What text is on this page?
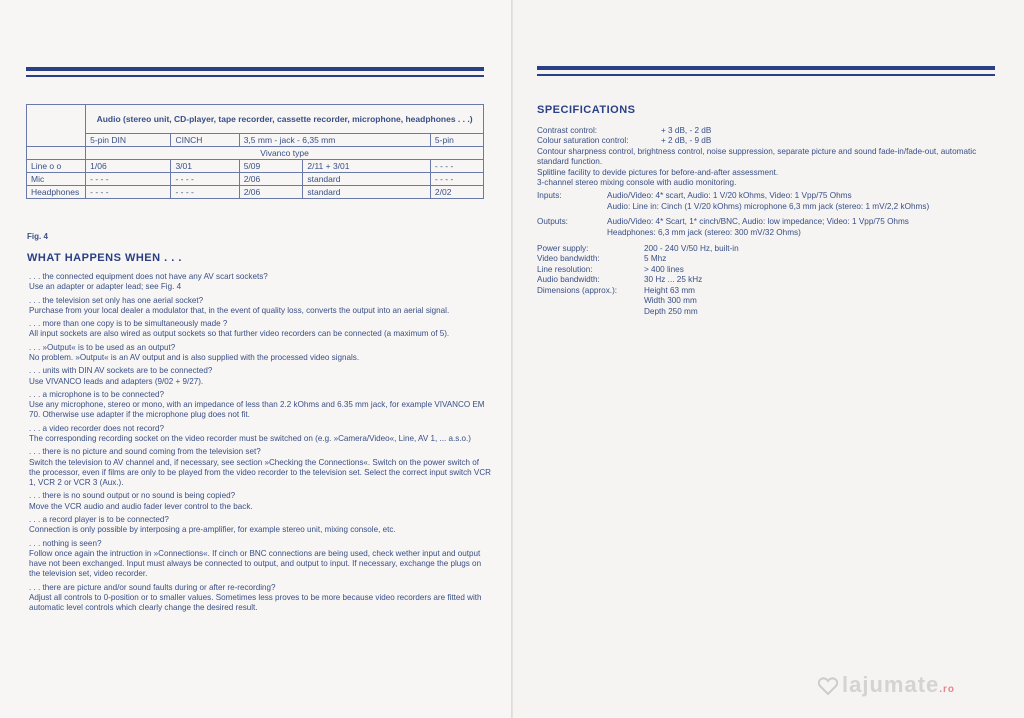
	Audio (stereo unit, CD-player, tape recorder, cassette recorder, microphone, headphones . . .)				
	5-pin DIN	CINCH	3,5 mm - jack - 6,35 mm		5-pin
	Vivanco type				
Line o o	1/06	3/01	5/09	2/11 + 3/01	- - - -
Mic	- - - -	- - - -	2/06	standard	- - - -
Headphones	- - - -	- - - -	2/06	standard	2/02
Fig. 4
WHAT HAPPENS WHEN . . .

. . . the connected equipment does not have any AV scart sockets?

Use an adapter or adapter lead; see Fig. 4

. . . the television set only has one aerial socket?

Purchase from your local dealer a modulator that, in the event of quality loss, converts the output into an aerial signal.

. . . more than one copy is to be simultaneously made ?

All input sockets are also wired as output sockets so that further video recorders can be connected (a maximum of 5).

. . . »Output« is to be used as an output?

No problem. »Output« is an AV output and is also supplied with the processed video signals.

. . . units with DIN AV sockets are to be connected?

Use VIVANCO leads and adapters (9/02 + 9/27).

. . . a microphone is to be connected?

Use any microphone, stereo or mono, with an impedance of less than 2.2 kOhms and 6.35 mm jack, for example VIVANCO EM 70. Otherwise use adapter if the microphone plug does not fit.

. . . a video recorder does not record?

The corresponding recording socket on the video recorder must be switched on (e.g. »Camera/Video«, Line, AV 1, ... a.s.o.)

. . . there is no picture and sound coming from the television set?

Switch the television to AV channel and, if necessary, see section »Checking the Connections«. Switch on the power switch of the processor, even if films are only to be played from the video recorder to the television set. Select the correct input switch VCR 1, VCR 2 or VCR 3 (Aux.).

. . . there is no sound output or no sound is being copied?

Move the VCR audio and audio fader lever control to the back.

. . . a record player is to be connected?

Connection is only possible by interposing a pre-amplifier, for example stereo unit, mixing console, etc.

. . . nothing is seen?

Follow once again the intruction in »Connections«. If cinch or BNC connections are being used, check wether input and output have not been exchanged. Input must always be connected to output, and output to input. If necessary, exchange the plugs on the television set, video recorder.

. . . there are picture and/or sound faults during or after re-recording?

Adjust all controls to 0-position or to smaller values. Sometimes less proves to be more because video recorders are fitted with automatic level controls which clearly change the desired result.

SPECIFICATIONS
Contrast control:	+ 3 dB, - 2 dB
Colour saturation control:	+ 2 dB, - 9 dB
Contour sharpness control, brightness control, noise suppression, separate picture and sound fade-in/fade-out, automatic standard function.
Splitline facility to devide pictures for before-and-after assessment.
3-channel stereo mixing console with audio monitoring.
Inputs:	Audio/Video: 4* scart, Audio: 1 V/20 kOhms, Video: 1 Vpp/75 Ohms
Audio: Line in: Cinch (1 V/20 kOhms) microphone 6,3 mm jack (stereo: 1 mV/2,2 kOhms)
Outputs:	Audio/Video: 4* Scart, 1* cinch/BNC, Audio: low impedance; Video: 1 Vpp/75 Ohms
Headphones: 6,3 mm jack (stereo: 300 mV/32 Ohms)
Power supply:	200 - 240 V/50 Hz, built-in
Video bandwidth:	5 Mhz
Line resolution:	> 400 lines
Audio bandwidth:	30 Hz ... 25 kHz
Dimensions (approx.):	Height 63 mm
Width 300 mm
Depth 250 mm
lajumate.ro
